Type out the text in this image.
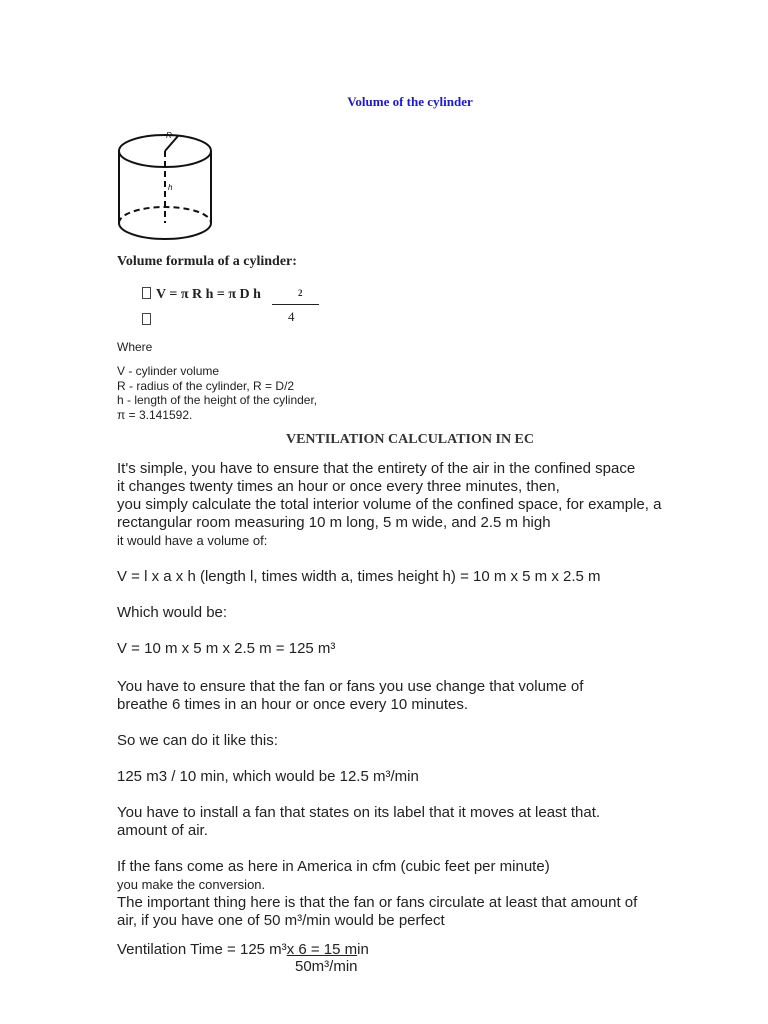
Volume of the cylinder
R
h
Volume formula of a cylinder:
V = π R h = π D h	2
4
Where
V - cylinder volume
R - radius of the cylinder, R = D/2
h - length of the height of the cylinder,
π = 3.141592.
VENTILATION CALCULATION IN EC
It's simple, you have to ensure that the entirety of the air in the confined space
it changes twenty times an hour or once every three minutes, then,
you simply calculate the total interior volume of the confined space, for example, a
rectangular room measuring 10 m long, 5 m wide, and 2.5 m high
it would have a volume of:
V = l x a x h (length l, times width a, times height h) = 10 m x 5 m x 2.5 m
Which would be:
V = 10 m x 5 m x 2.5 m = 125 m³
You have to ensure that the fan or fans you use change that volume of
breathe 6 times in an hour or once every 10 minutes.
So we can do it like this:
125 m3 / 10 min, which would be 12.5 m³/min
You have to install a fan that states on its label that it moves at least that.
amount of air.
If the fans come as here in America in cfm (cubic feet per minute)
you make the conversion.
The important thing here is that the fan or fans circulate at least that amount of
air, if you have one of 50 m³/min would be perfect
Ventilation Time = 125 m³x 6 = 15 min
50m³/min
